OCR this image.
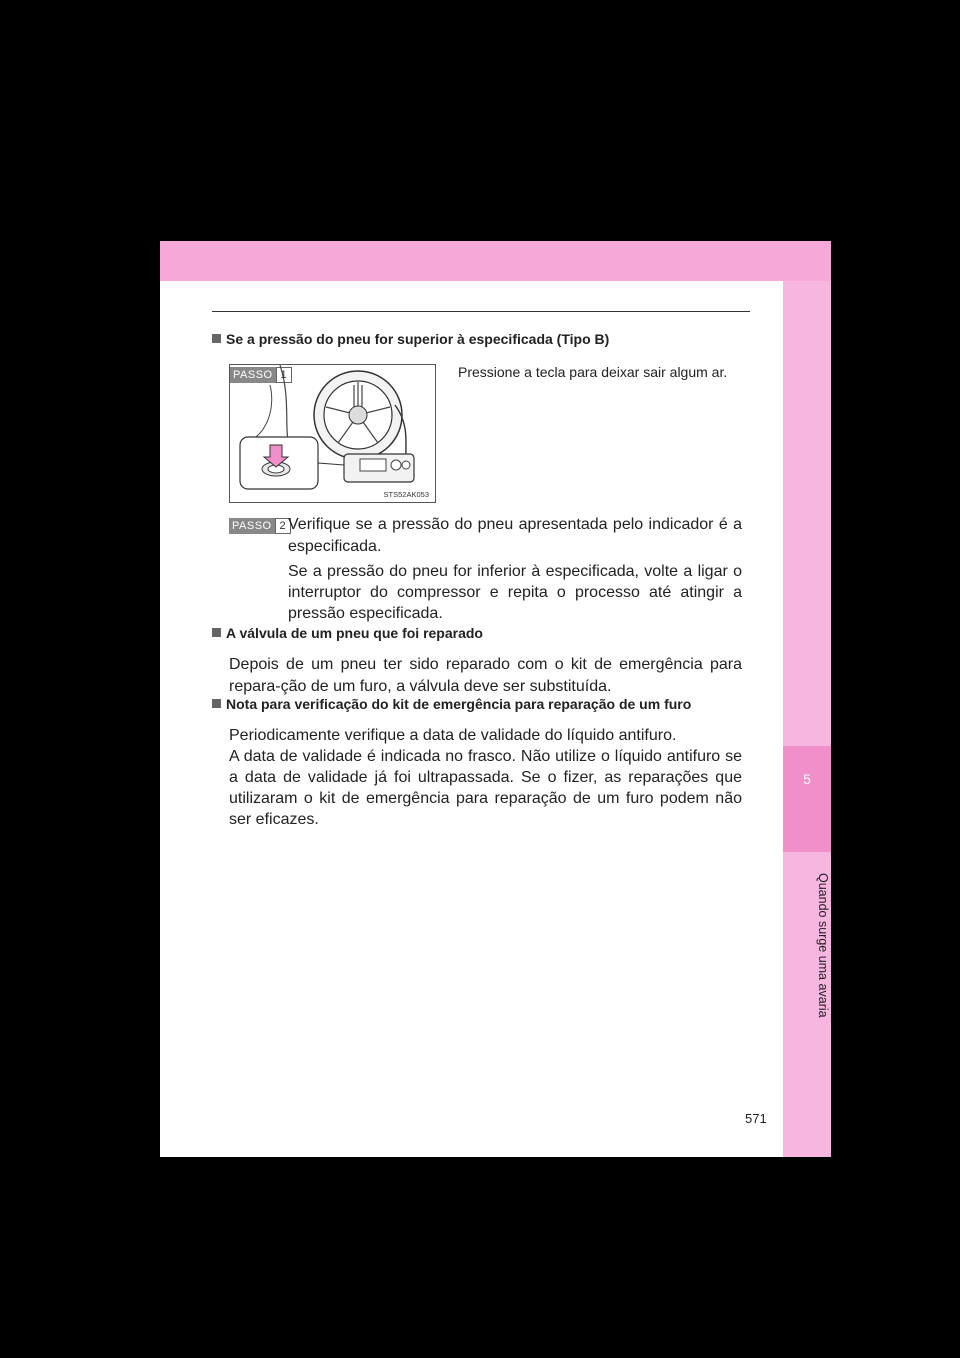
5
Quando surge uma avaria
Se a pressão do pneu for superior à especificada (Tipo B)
PASSO 1
STS52AK053
Pressione a tecla para deixar sair algum ar.
PASSO 2 Verifique se a pressão do pneu apresentada pelo indicador é a especificada.
Se a pressão do pneu for inferior à especificada, volte a ligar o interruptor do compressor e repita o processo até atingir a pressão especificada.
A válvula de um pneu que foi reparado
Depois de um pneu ter sido reparado com o kit de emergência para repara-ção de um furo, a válvula deve ser substituída.
Nota para verificação do kit de emergência para reparação de um furo
Periodicamente verifique a data de validade do líquido antifuro.
A data de validade é indicada no frasco. Não utilize o líquido antifuro se a data de validade já foi ultrapassada. Se o fizer, as reparações que utilizaram o kit de emergência para reparação de um furo podem não ser eficazes.
571
